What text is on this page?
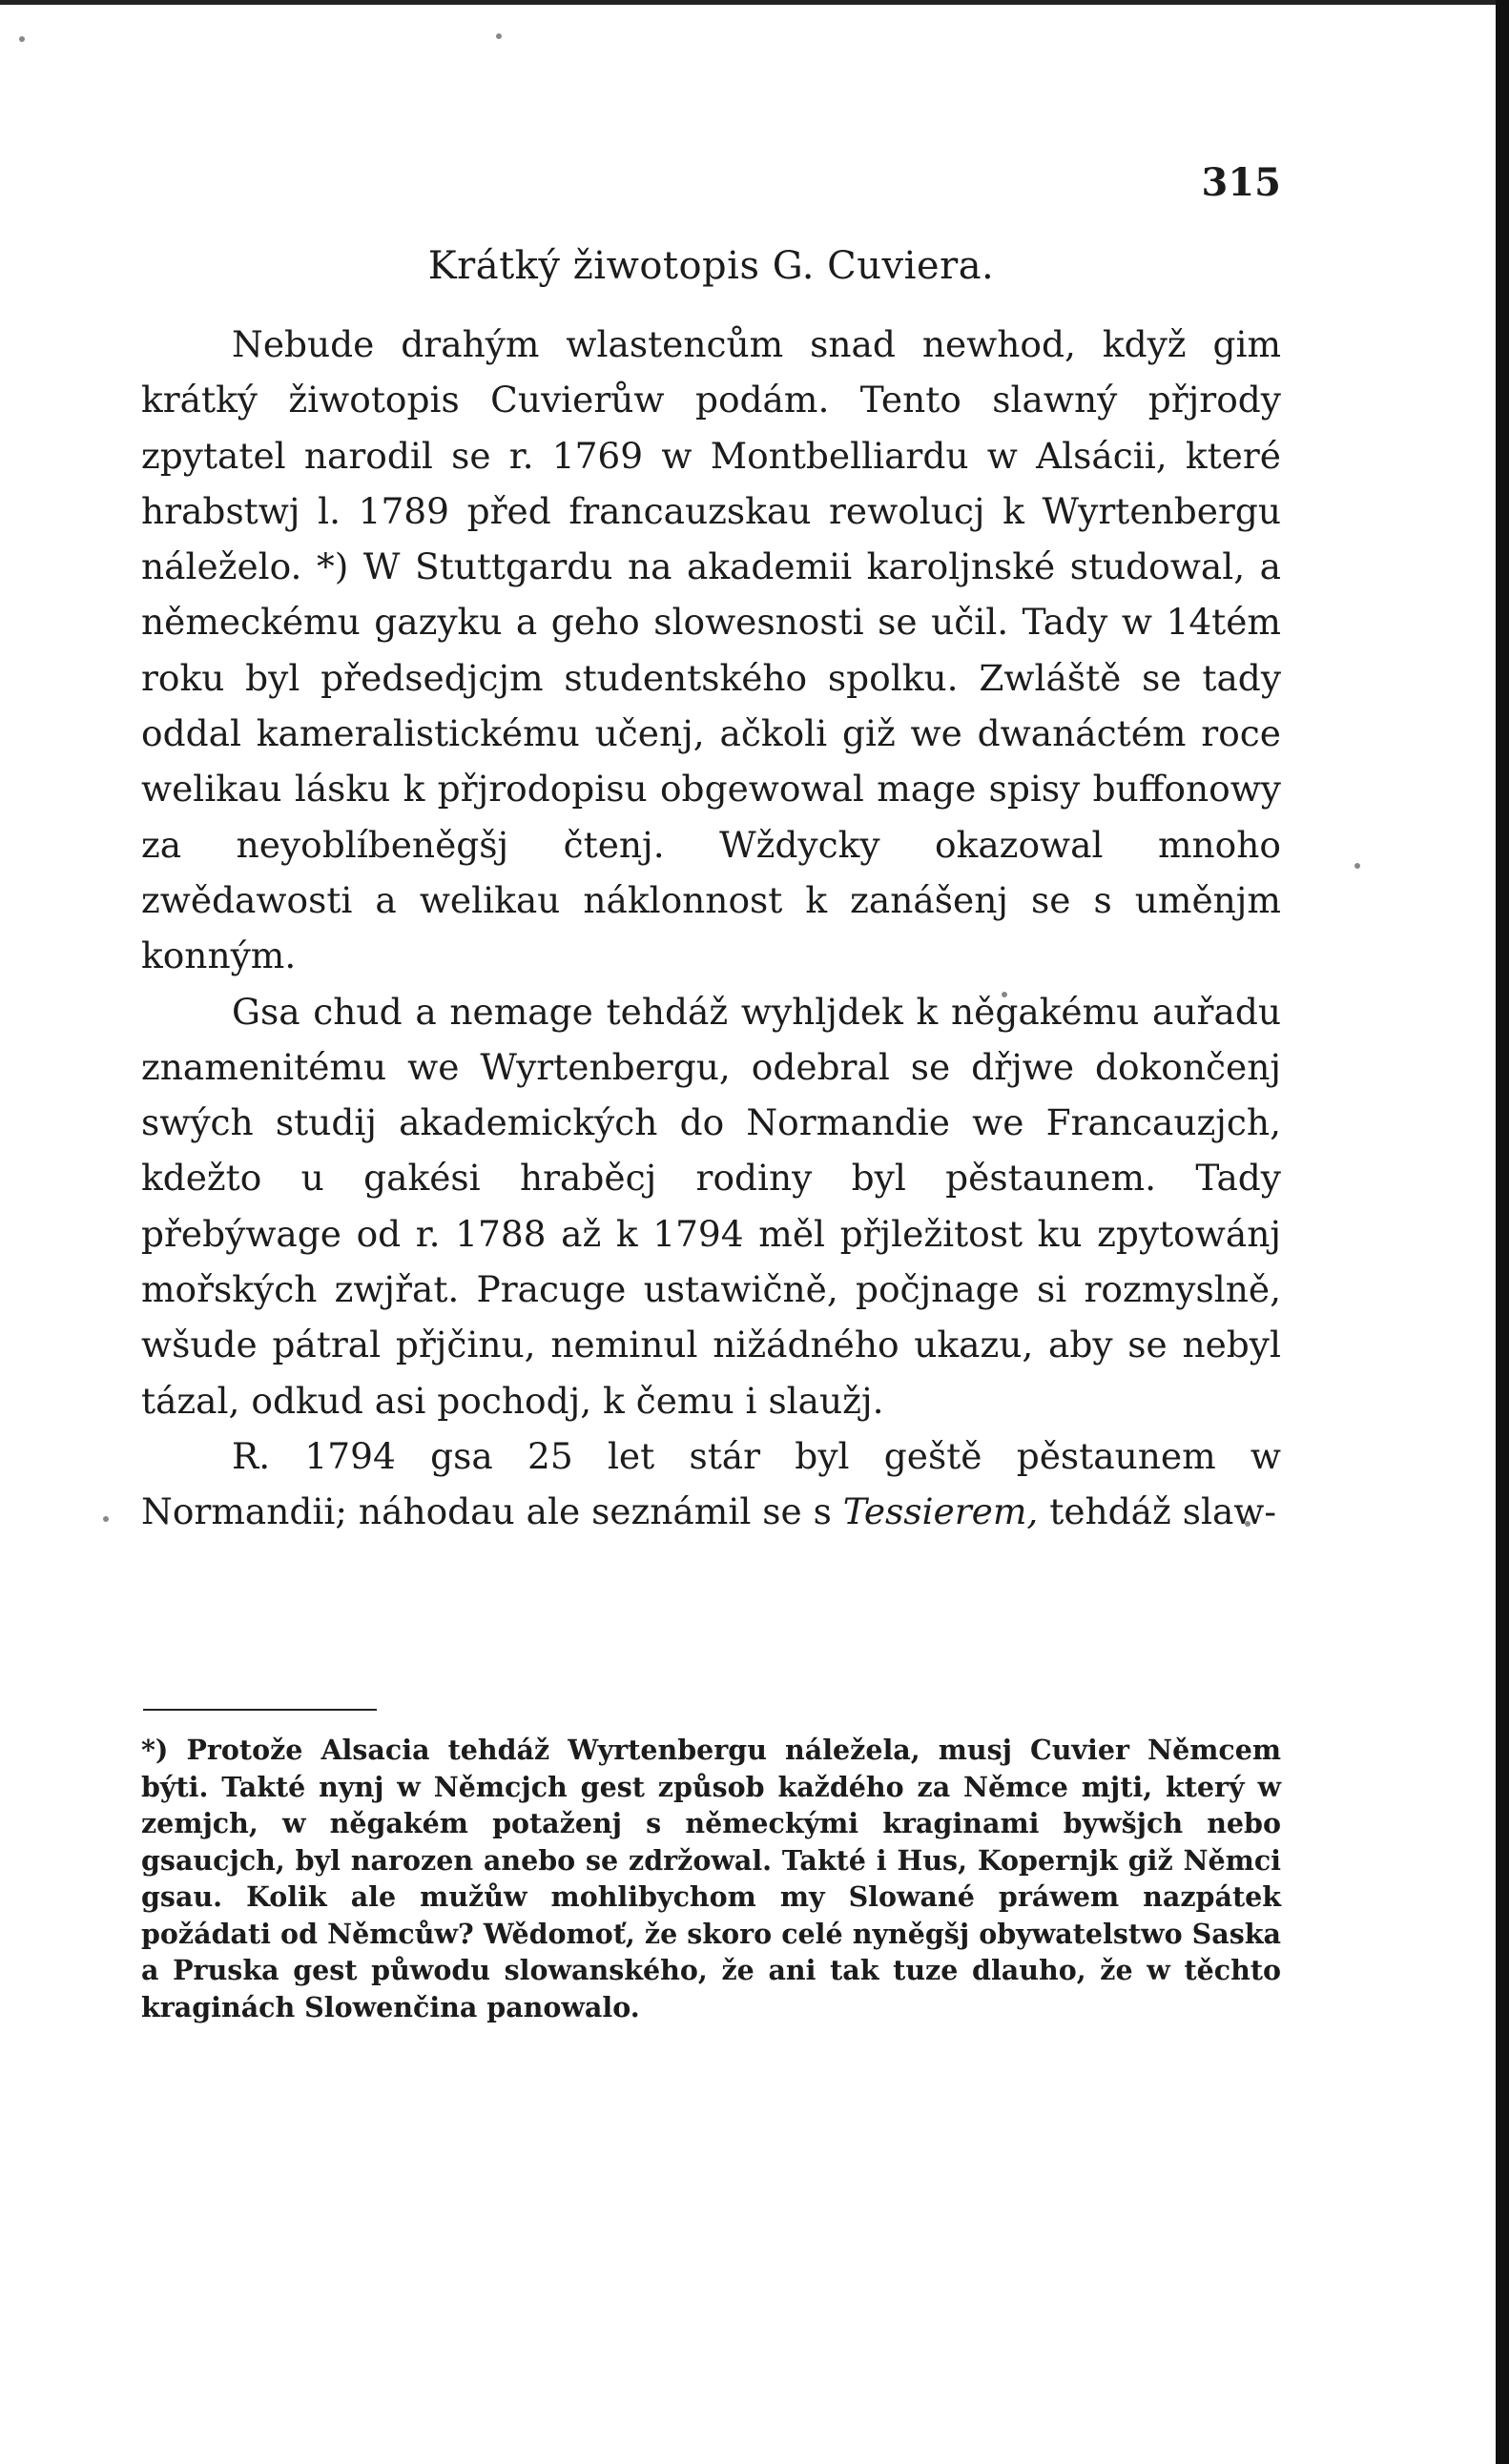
315
Krátký žiwotopis G. Cuviera.

Nebude drahým wlastencům snad newhod, když gim krátký žiwotopis Cuvierůw podám. Tento slawný přjrody zpytatel narodil se r. 1769 w Montbelliardu w Alsácii, které hrabstwj l. 1789 před francauzskau rewolucj k Wyrtenbergu náleželo. *) W Stuttgardu na akademii karoljnské studowal, a německému gazyku a geho slowesnosti se učil. Tady w 14tém roku byl předsedjcjm studentského spolku. Zwláště se tady oddal kameralistickému učenj, ačkoli giž we dwanáctém roce welikau lásku k přjrodopisu obgewowal mage spisy buffonowy za neyoblíbeněgšj čtenj. Wždycky okazowal mnoho zwědawosti a welikau náklonnost k zanášenj se s uměnjm konným.

Gsa chud a nemage tehdáž wyhljdek k něgakému auřadu znamenitému we Wyrtenbergu, odebral se dřjwe dokončenj swých studij akademických do Normandie we Francauzjch, kdežto u gakési hraběcj rodiny byl pěstaunem. Tady přebýwage od r. 1788 až k 1794 měl přjležitost ku zpytowánj mořských zwjřat. Pracuge ustawičně, počjnage si rozmyslně, wšude pátral přjčinu, neminul nižádného ukazu, aby se nebyl tázal, odkud asi pochodj, k čemu i slaužj.

R. 1794 gsa 25 let stár byl geště pěstaunem w Normandii; náhodau ale seznámil se s Tessierem, tehdáž slaw-

*) Protože Alsacia tehdáž Wyrtenbergu náležela, musj Cuvier Němcem býti. Takté nynj w Němcjch gest způsob každého za Němce mjti, který w zemjch, w něgakém potaženj s německými kraginami bywšjch nebo gsaucjch, byl narozen anebo se zdržowal. Takté i Hus, Kopernjk giž Němci gsau. Kolik ale mužůw mohlibychom my Slowané práwem nazpátek požádati od Němcůw? Wědomoť, že skoro celé nyněgšj obywatelstwo Saska a Pruska gest půwodu slowanského, že ani tak tuze dlauho, že w těchto kraginách Slowenčina panowalo.
